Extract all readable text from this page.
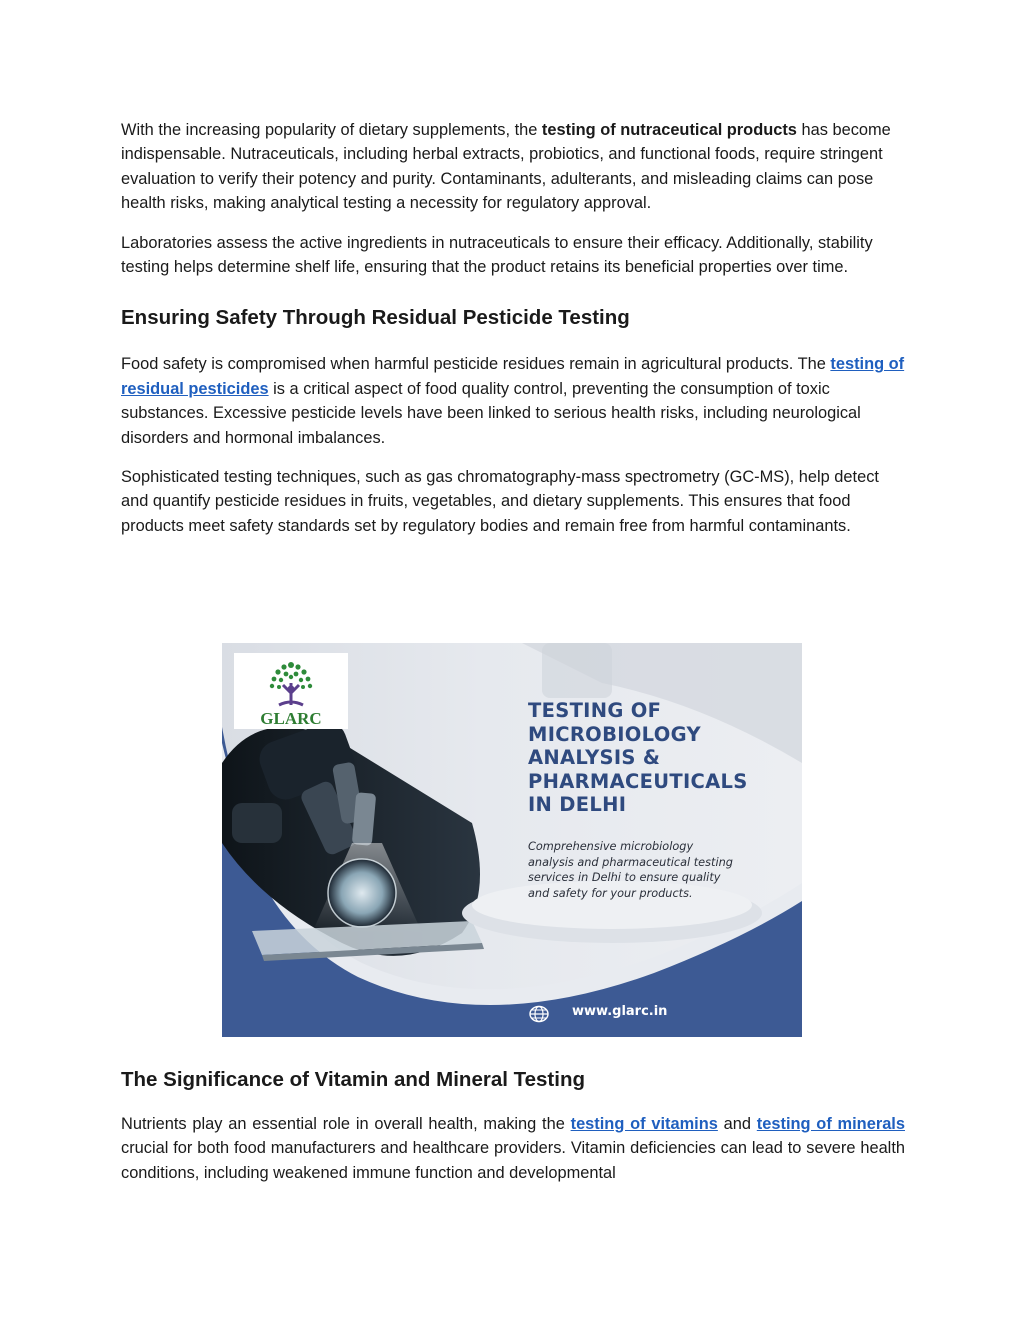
With the increasing popularity of dietary supplements, the testing of nutraceutical products has become indispensable. Nutraceuticals, including herbal extracts, probiotics, and functional foods, require stringent evaluation to verify their potency and purity. Contaminants, adulterants, and misleading claims can pose health risks, making analytical testing a necessity for regulatory approval.

Laboratories assess the active ingredients in nutraceuticals to ensure their efficacy. Additionally, stability testing helps determine shelf life, ensuring that the product retains its beneficial properties over time.

Ensuring Safety Through Residual Pesticide Testing

Food safety is compromised when harmful pesticide residues remain in agricultural products. The testing of residual pesticides is a critical aspect of food quality control, preventing the consumption of toxic substances. Excessive pesticide levels have been linked to serious health risks, including neurological disorders and hormonal imbalances.

Sophisticated testing techniques, such as gas chromatography-mass spectrometry (GC-MS), help detect and quantify pesticide residues in fruits, vegetables, and dietary supplements. This ensures that food products meet safety standards set by regulatory bodies and remain free from harmful contaminants.

GLARC	TESTING OF
MICROBIOLOGY
ANALYSIS &
PHARMACEUTICALS
IN DELHI

Comprehensive microbiology
analysis and pharmaceutical testing
services in Delhi to ensure quality
and safety for your products.

www.glarc.in

The Significance of Vitamin and Mineral Testing

Nutrients play an essential role in overall health, making the testing of vitamins and testing of minerals crucial for both food manufacturers and healthcare providers. Vitamin deficiencies can lead to severe health conditions, including weakened immune function and developmental
